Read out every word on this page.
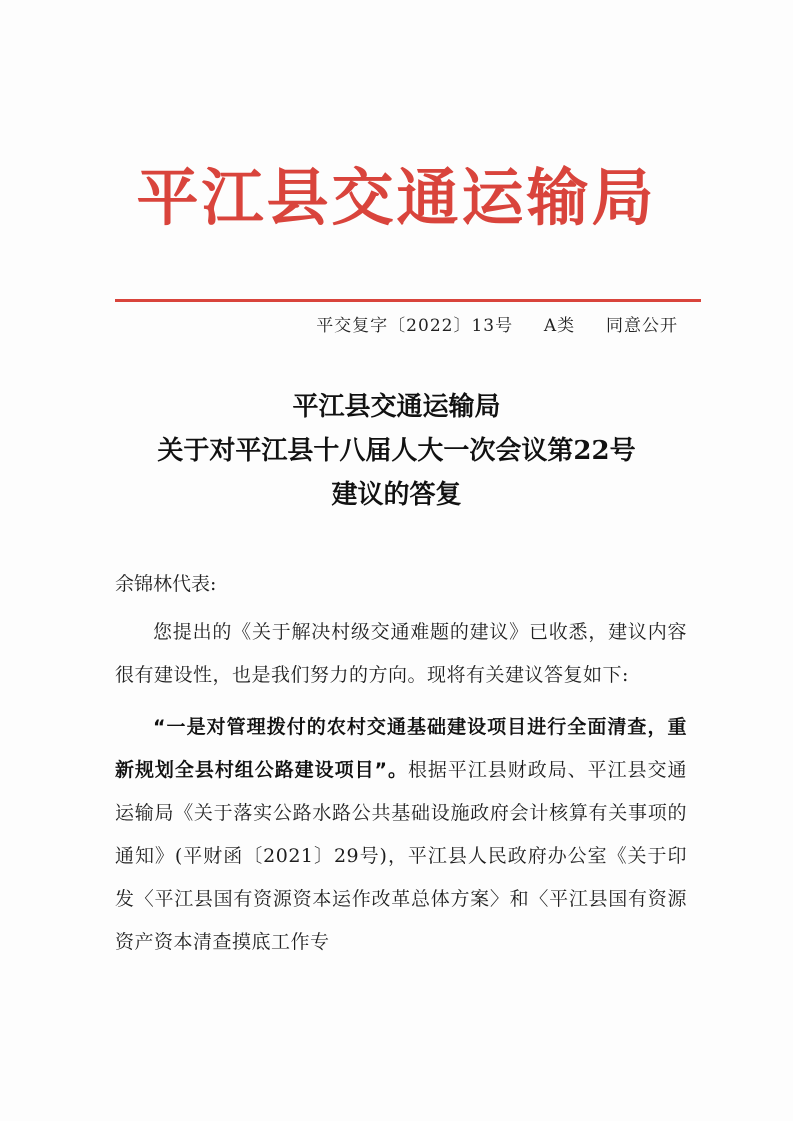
平江县交通运输局
平交复字〔2022〕13号 A类 同意公开
平江县交通运输局
关于对平江县十八届人大一次会议第22号
建议的答复

余锦林代表:

您提出的《关于解决村级交通难题的建议》已收悉，建议内容很有建设性，也是我们努力的方向。现将有关建议答复如下:

“一是对管理拨付的农村交通基础建设项目进行全面清查，重新规划全县村组公路建设项目”。根据平江县财政局、平江县交通运输局《关于落实公路水路公共基础设施政府会计核算有关事项的通知》(平财函〔2021〕29号)，平江县人民政府办公室《关于印发〈平江县国有资源资本运作改革总体方案〉和〈平江县国有资源资产资本清查摸底工作专
